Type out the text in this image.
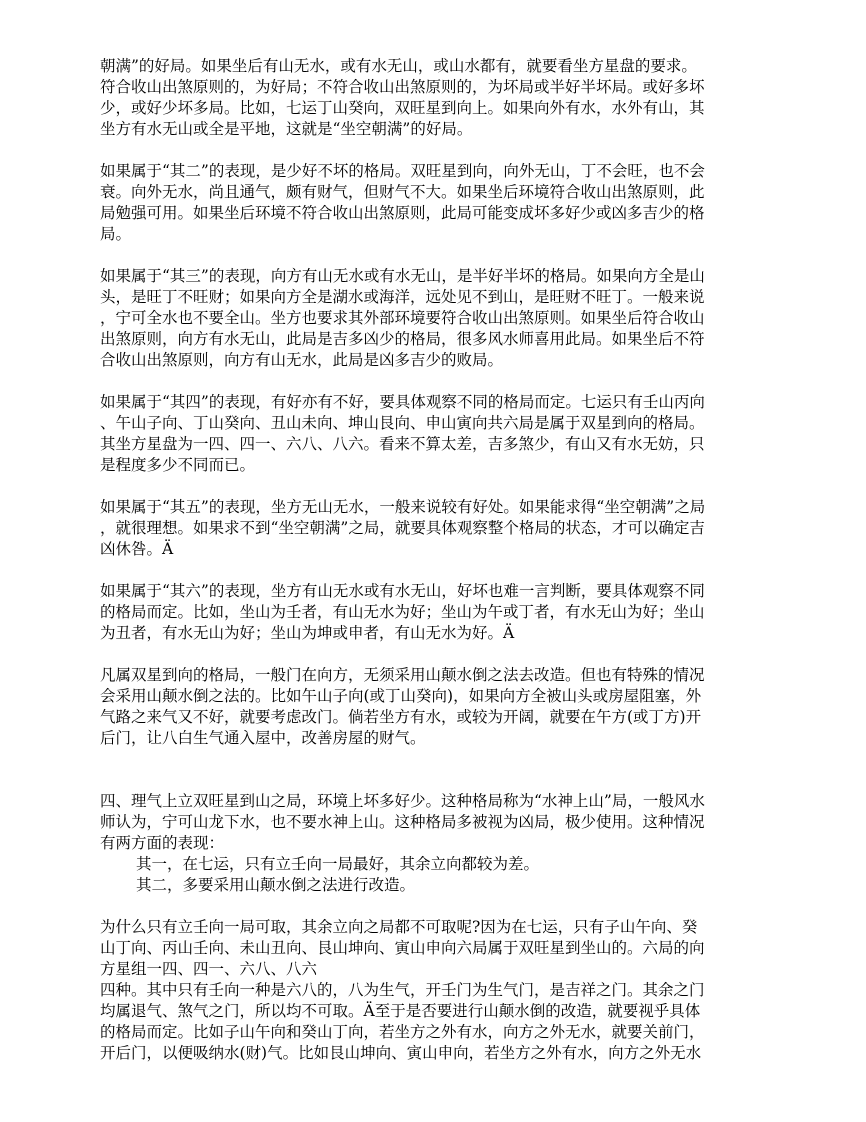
朝满”的好局。如果坐后有山无水，或有水无山，或山水都有，就要看坐方星盘的要求。
符合收山出煞原则的，为好局；不符合收山出煞原则的，为坏局或半好半坏局。或好多坏
少，或好少坏多局。比如，七运丁山癸向，双旺星到向上。如果向外有水，水外有山，其
坐方有水无山或全是平地，这就是“坐空朝满”的好局。
如果属于“其二”的表现，是少好不坏的格局。双旺星到向，向外无山，丁不会旺，也不会
衰。向外无水，尚且通气，颇有财气，但财气不大。如果坐后环境符合收山出煞原则，此
局勉强可用。如果坐后环境不符合收山出煞原则，此局可能变成坏多好少或凶多吉少的格
局。
如果属于“其三”的表现，向方有山无水或有水无山，是半好半坏的格局。如果向方全是山
头，是旺丁不旺财；如果向方全是湖水或海洋，远处见不到山，是旺财不旺丁。一般来说
，宁可全水也不要全山。坐方也要求其外部环境要符合收山出煞原则。如果坐后符合收山
出煞原则，向方有水无山，此局是吉多凶少的格局，很多风水师喜用此局。如果坐后不符
合收山出煞原则，向方有山无水，此局是凶多吉少的败局。
如果属于“其四”的表现，有好亦有不好，要具体观察不同的格局而定。七运只有壬山丙向
、午山子向、丁山癸向、丑山未向、坤山艮向、申山寅向共六局是属于双星到向的格局。
其坐方星盘为一四、四一、六八、八六。看来不算太差，吉多煞少，有山又有水无妨，只
是程度多少不同而已。
如果属于“其五”的表现，坐方无山无水，一般来说较有好处。如果能求得“坐空朝满”之局
，就很理想。如果求不到“坐空朝满”之局，就要具体观察整个格局的状态，才可以确定吉
凶休咎。Ä
如果属于“其六”的表现，坐方有山无水或有水无山，好坏也难一言判断，要具体观察不同
的格局而定。比如，坐山为壬者，有山无水为好；坐山为午或丁者，有水无山为好；坐山
为丑者，有水无山为好；坐山为坤或申者，有山无水为好。Ä
凡属双星到向的格局，一般门在向方，无须采用山颠水倒之法去改造。但也有特殊的情况
会采用山颠水倒之法的。比如午山子向(或丁山癸向)，如果向方全被山头或房屋阻塞，外
气路之来气又不好，就要考虑改门。倘若坐方有水，或较为开阔，就要在午方(或丁方)开
后门，让八白生气通入屋中，改善房屋的财气。
四、理气上立双旺星到山之局，环境上坏多好少。这种格局称为“水神上山”局，一般风水
师认为，宁可山龙下水，也不要水神上山。这种格局多被视为凶局，极少使用。这种情况
有两方面的表现：
其一，在七运，只有立壬向一局最好，其余立向都较为差。
其二，多要采用山颠水倒之法进行改造。
为什么只有立壬向一局可取，其余立向之局都不可取呢?因为在七运，只有子山午向、癸
山丁向、丙山壬向、未山丑向、艮山坤向、寅山申向六局属于双旺星到坐山的。六局的向
方星组一四、四一、六八、八六
四种。其中只有壬向一种是六八的，八为生气，开壬门为生气门，是吉祥之门。其余之门
均属退气、煞气之门，所以均不可取。Ä至于是否要进行山颠水倒的改造，就要视乎具体
的格局而定。比如子山午向和癸山丁向，若坐方之外有水，向方之外无水，就要关前门，
开后门，以便吸纳水(财)气。比如艮山坤向、寅山申向，若坐方之外有水，向方之外无水
